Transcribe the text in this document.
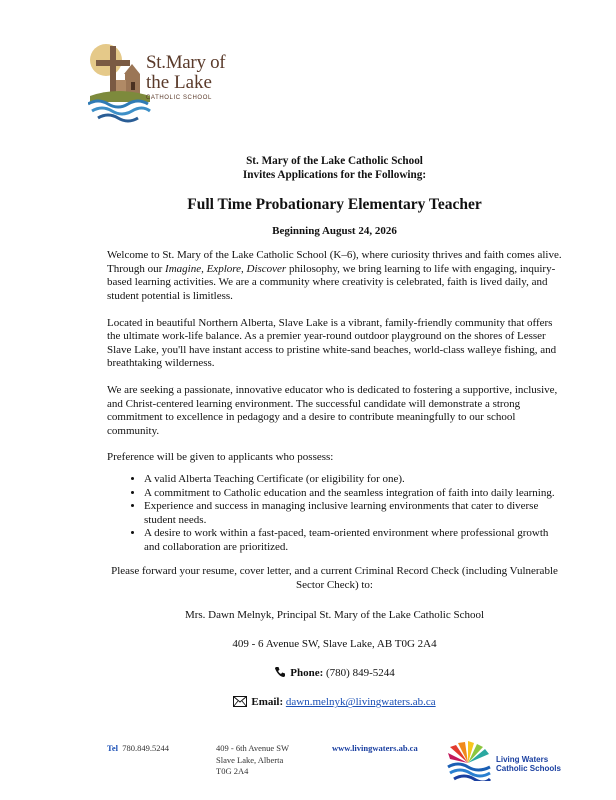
St.Mary of
the Lake
CATHOLIC SCHOOL
St. Mary of the Lake Catholic School
Invites Applications for the Following:
Full Time Probationary Elementary Teacher
Beginning August 24, 2026

Welcome to St. Mary of the Lake Catholic School (K–6), where curiosity thrives and faith comes alive. Through our Imagine, Explore, Discover philosophy, we bring learning to life with engaging, inquiry-based learning activities. We are a community where creativity is celebrated, faith is lived daily, and student potential is limitless.

Located in beautiful Northern Alberta, Slave Lake is a vibrant, family-friendly community that offers the ultimate work-life balance. As a premier year-round outdoor playground on the shores of Lesser Slave Lake, you'll have instant access to pristine white-sand beaches, world-class walleye fishing, and breathtaking wilderness.

We are seeking a passionate, innovative educator who is dedicated to fostering a supportive, inclusive, and Christ-centered learning environment. The successful candidate will demonstrate a strong commitment to excellence in pedagogy and a desire to contribute meaningfully to our school community.

Preference will be given to applicants who possess:

• A valid Alberta Teaching Certificate (or eligibility for one).
• A commitment to Catholic education and the seamless integration of faith into daily learning.
• Experience and success in managing inclusive learning environments that cater to diverse student needs.
• A desire to work within a fast-paced, team-oriented environment where professional growth and collaboration are prioritized.

Please forward your resume, cover letter, and a current Criminal Record Check (including Vulnerable Sector Check) to:

Mrs. Dawn Melnyk, Principal St. Mary of the Lake Catholic School

409 - 6 Avenue SW, Slave Lake, AB T0G 2A4

Phone: (780) 849-5244
Email: dawn.melnyk@livingwaters.ab.ca
Tel 780.849.5244	409 - 6th Avenue SW
Slave Lake, Alberta
T0G 2A4
www.livingwaters.ab.ca
Living Waters
Catholic Schools
